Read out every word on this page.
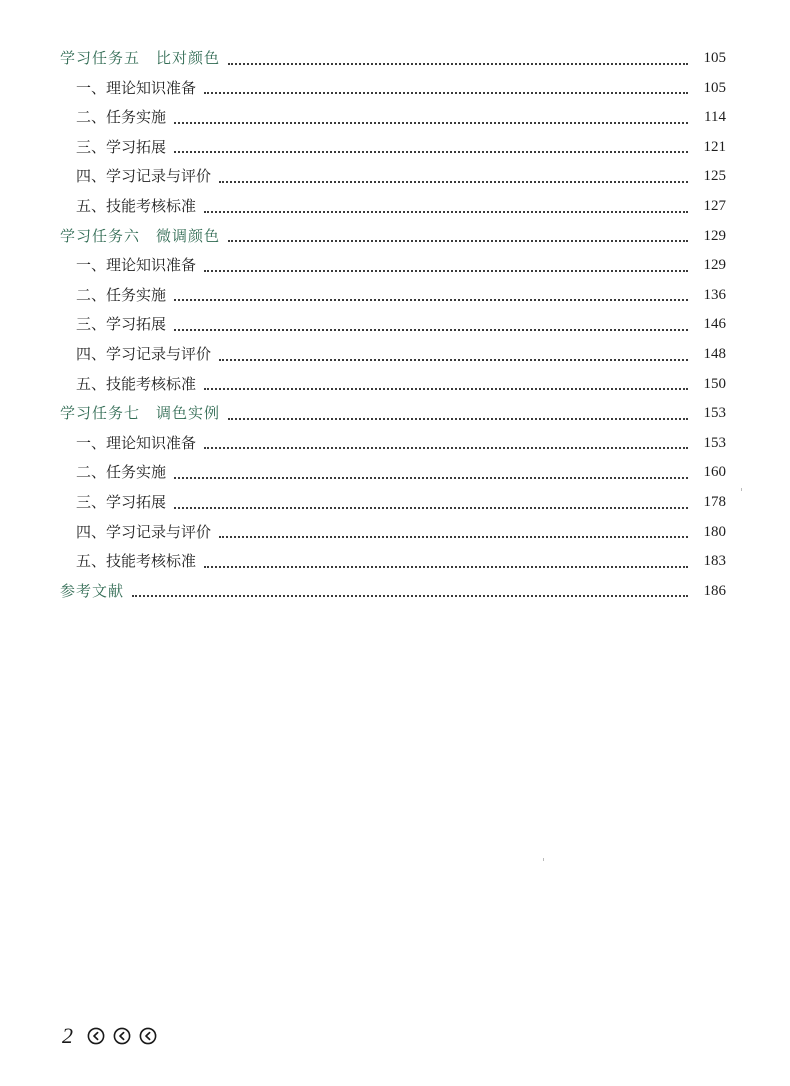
学习任务五　比对颜色	105
一、理论知识准备	105
二、任务实施	114
三、学习拓展	121
四、学习记录与评价	125
五、技能考核标准	127
学习任务六　微调颜色	129
一、理论知识准备	129
二、任务实施	136
三、学习拓展	146
四、学习记录与评价	148
五、技能考核标准	150
学习任务七　调色实例	153
一、理论知识准备	153
二、任务实施	160
三、学习拓展	178
四、学习记录与评价	180
五、技能考核标准	183
参考文献	186
2
